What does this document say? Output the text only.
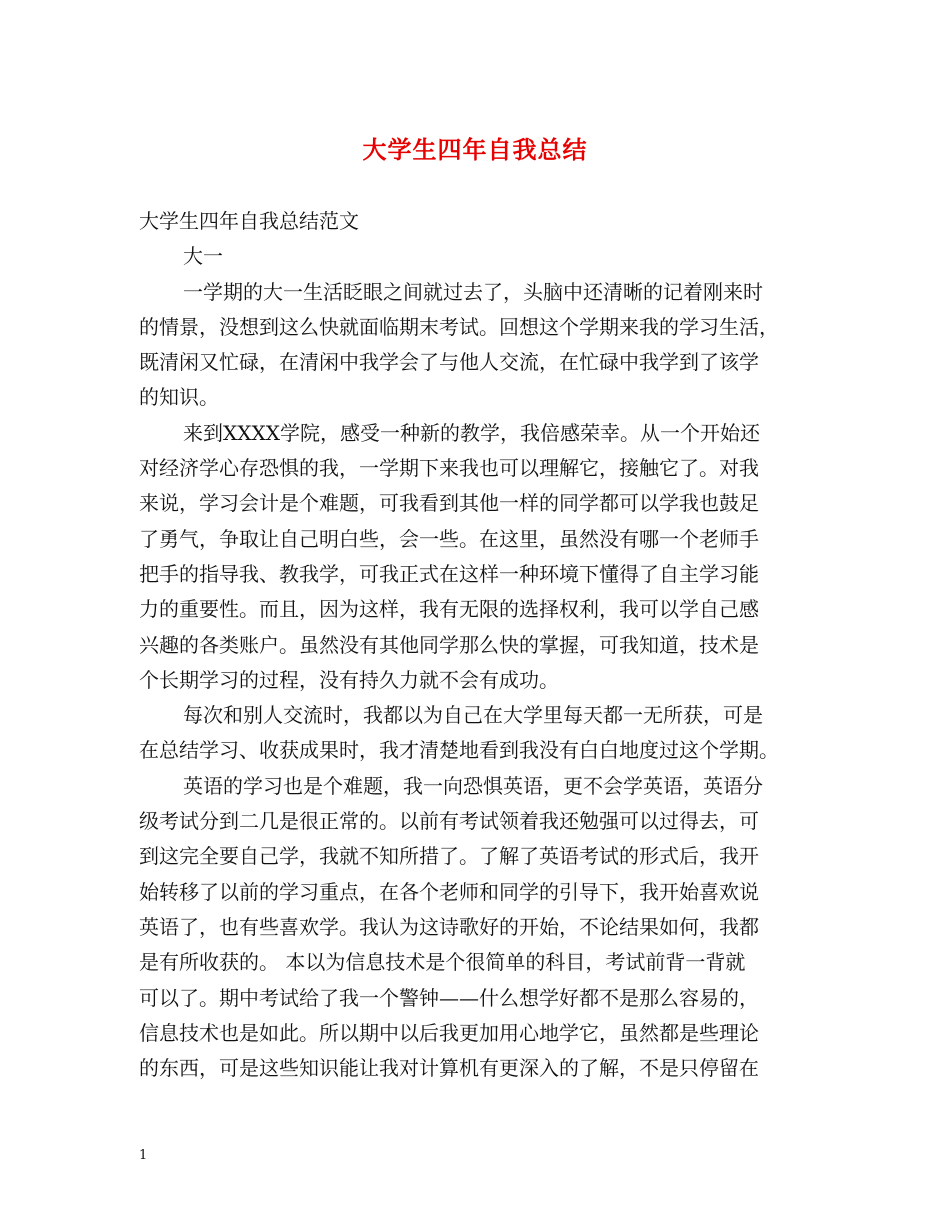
大学生四年自我总结
大学生四年自我总结范文
大一
一学期的大一生活眨眼之间就过去了，头脑中还清晰的记着刚来时
的情景，没想到这么快就面临期末考试。回想这个学期来我的学习生活，
既清闲又忙碌，在清闲中我学会了与他人交流，在忙碌中我学到了该学
的知识。
来到XXXX学院，感受一种新的教学，我倍感荣幸。从一个开始还
对经济学心存恐惧的我，一学期下来我也可以理解它，接触它了。对我
来说，学习会计是个难题，可我看到其他一样的同学都可以学我也鼓足
了勇气，争取让自己明白些，会一些。在这里，虽然没有哪一个老师手
把手的指导我、教我学，可我正式在这样一种环境下懂得了自主学习能
力的重要性。而且，因为这样，我有无限的选择权利，我可以学自己感
兴趣的各类账户。虽然没有其他同学那么快的掌握，可我知道，技术是
个长期学习的过程，没有持久力就不会有成功。
每次和别人交流时，我都以为自己在大学里每天都一无所获，可是
在总结学习、收获成果时，我才清楚地看到我没有白白地度过这个学期。
英语的学习也是个难题，我一向恐惧英语，更不会学英语，英语分
级考试分到二几是很正常的。以前有考试领着我还勉强可以过得去，可
到这完全要自己学，我就不知所措了。了解了英语考试的形式后，我开
始转移了以前的学习重点，在各个老师和同学的引导下，我开始喜欢说
英语了，也有些喜欢学。我认为这诗歌好的开始，不论结果如何，我都
是有所收获的。 本以为信息技术是个很简单的科目，考试前背一背就
可以了。期中考试给了我一个警钟——什么想学好都不是那么容易的，
信息技术也是如此。所以期中以后我更加用心地学它，虽然都是些理论
的东西，可是这些知识能让我对计算机有更深入的了解，不是只停留在
1
